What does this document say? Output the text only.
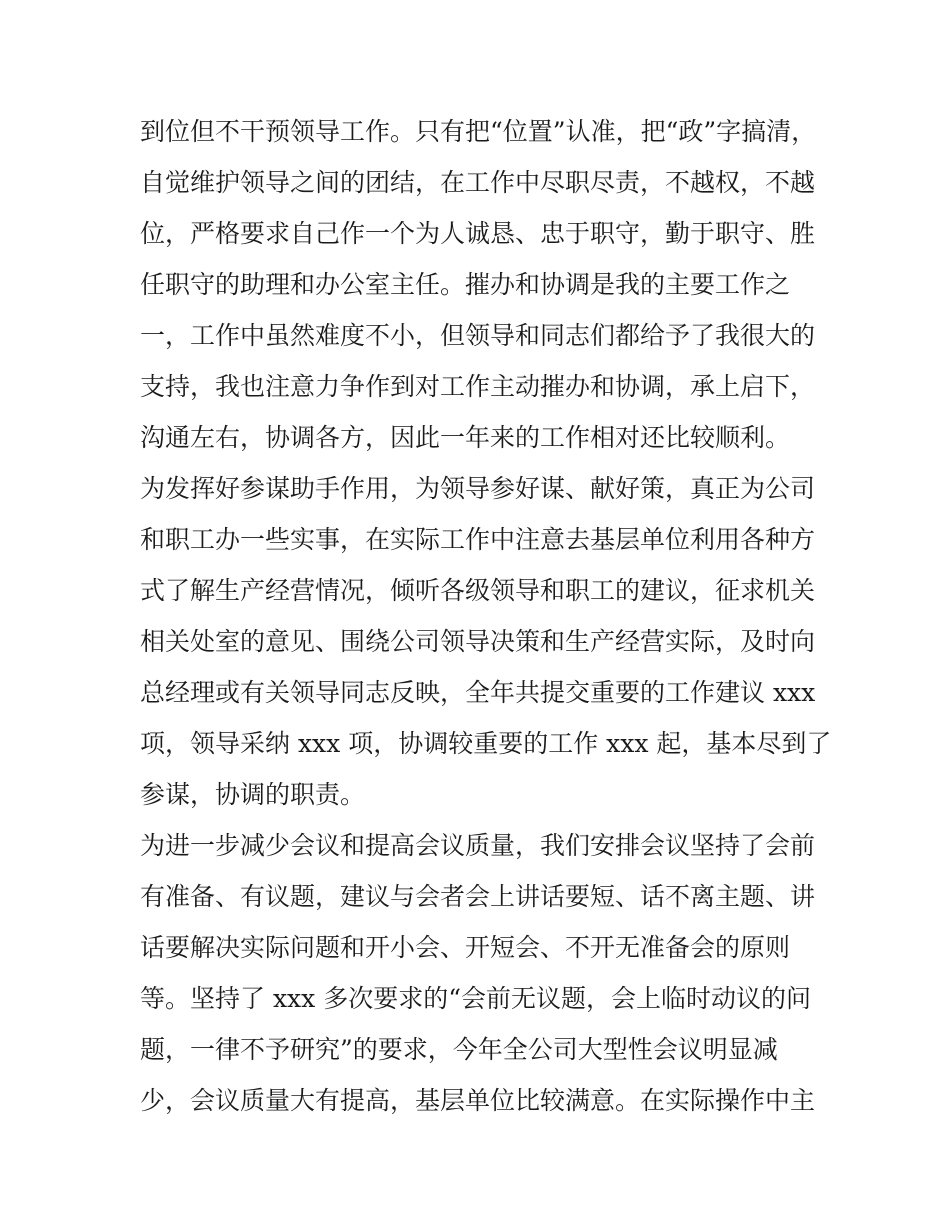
到位但不干预领导工作。只有把“位置”认准，把“政”字搞清，
自觉维护领导之间的团结，在工作中尽职尽责，不越权，不越
位，严格要求自己作一个为人诚恳、忠于职守，勤于职守、胜
任职守的助理和办公室主任。摧办和协调是我的主要工作之
一，工作中虽然难度不小，但领导和同志们都给予了我很大的
支持，我也注意力争作到对工作主动摧办和协调，承上启下，
沟通左右，协调各方，因此一年来的工作相对还比较顺利。
为发挥好参谋助手作用，为领导参好谋、献好策，真正为公司
和职工办一些实事，在实际工作中注意去基层单位利用各种方
式了解生产经营情况，倾听各级领导和职工的建议，征求机关
相关处室的意见、围绕公司领导决策和生产经营实际，及时向
总经理或有关领导同志反映，全年共提交重要的工作建议 xxx
项，领导采纳 xxx 项，协调较重要的工作 xxx 起，基本尽到了
参谋，协调的职责。
为进一步减少会议和提高会议质量，我们安排会议坚持了会前
有准备、有议题，建议与会者会上讲话要短、话不离主题、讲
话要解决实际问题和开小会、开短会、不开无准备会的原则
等。坚持了 xxx 多次要求的“会前无议题，会上临时动议的问
题，一律不予研究”的要求，今年全公司大型性会议明显减
少，会议质量大有提高，基层单位比较满意。在实际操作中主
